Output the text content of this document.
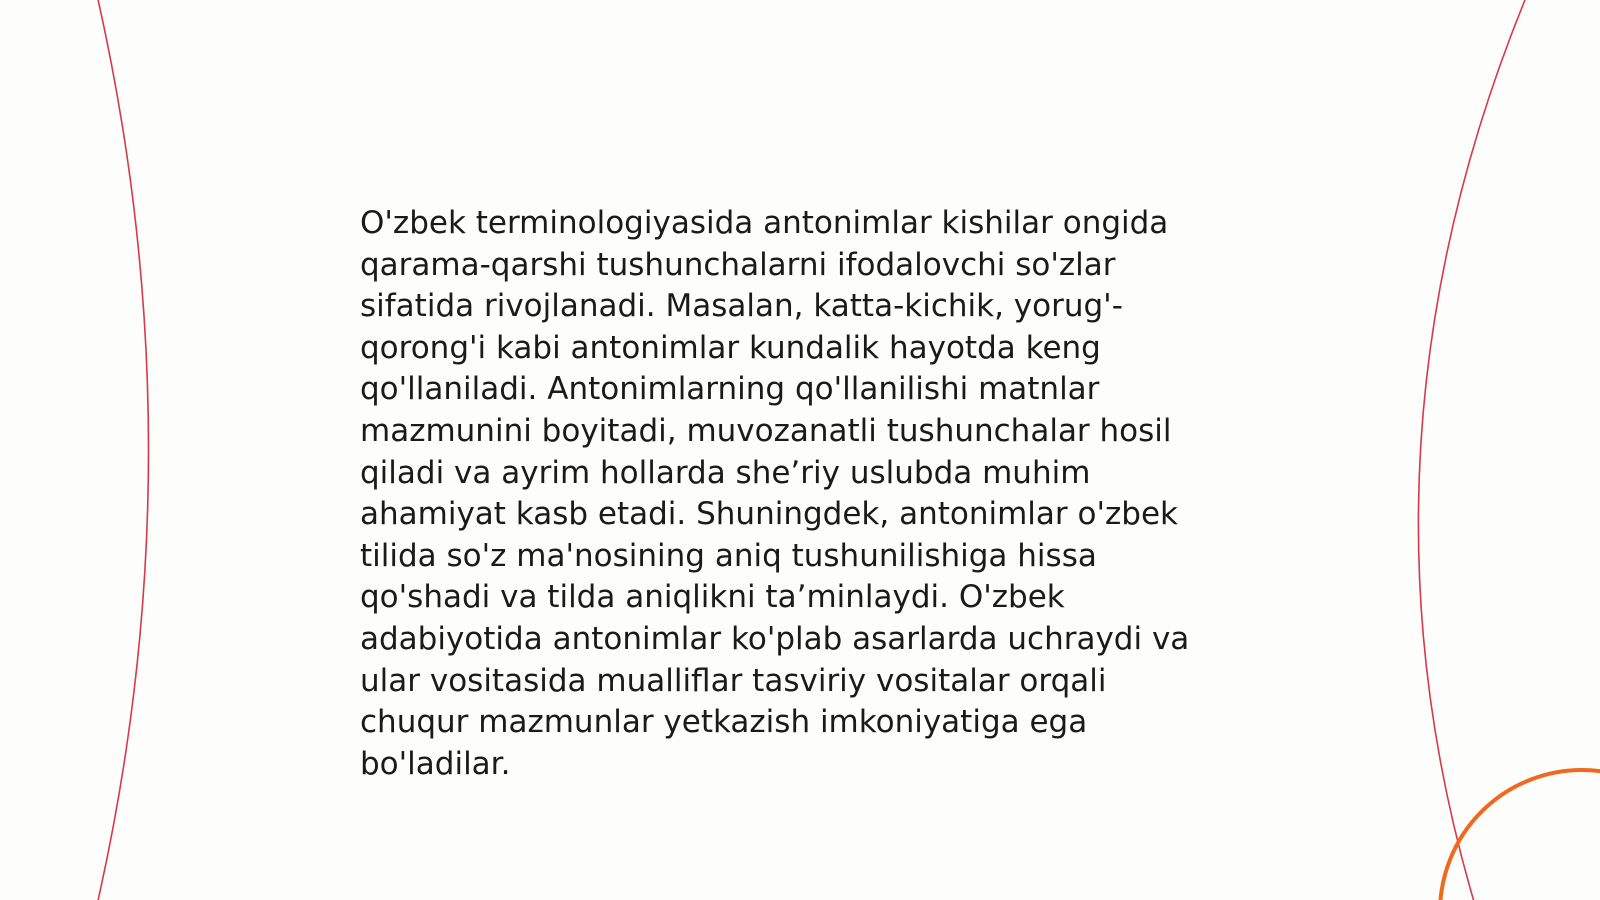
O'zbek terminologiyasida antonimlar kishilar ongida
qarama-qarshi tushunchalarni ifodalovchi so'zlar
sifatida rivojlanadi. Masalan, katta-kichik, yorug'-
qorong'i kabi antonimlar kundalik hayotda keng
qo'llaniladi. Antonimlarning qo'llanilishi matnlar
mazmunini boyitadi, muvozanatli tushunchalar hosil
qiladi va ayrim hollarda she’riy uslubda muhim
ahamiyat kasb etadi. Shuningdek, antonimlar o'zbek
tilida so'z ma'nosining aniq tushunilishiga hissa
qo'shadi va tilda aniqlikni ta’minlaydi. O'zbek
adabiyotida antonimlar ko'plab asarlarda uchraydi va
ular vositasida mualliflar tasviriy vositalar orqali
chuqur mazmunlar yetkazish imkoniyatiga ega
bo'ladilar.
